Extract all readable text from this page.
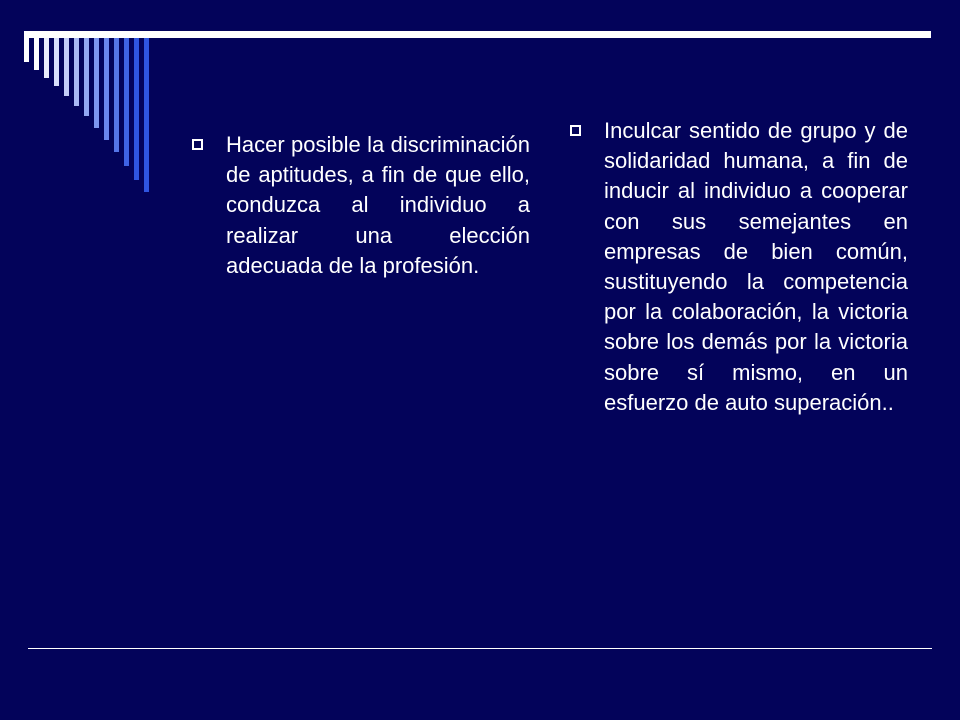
Hacer posible la discriminación de aptitudes, a fin de que ello, conduzca al individuo a realizar una elección adecuada de la profesión.
Inculcar sentido de grupo y de solidaridad humana, a fin de inducir al individuo a cooperar con sus semejantes en empresas de bien común, sustituyendo la competencia por la colaboración, la victoria sobre los demás por la victoria sobre sí mismo, en un esfuerzo de auto superación..
